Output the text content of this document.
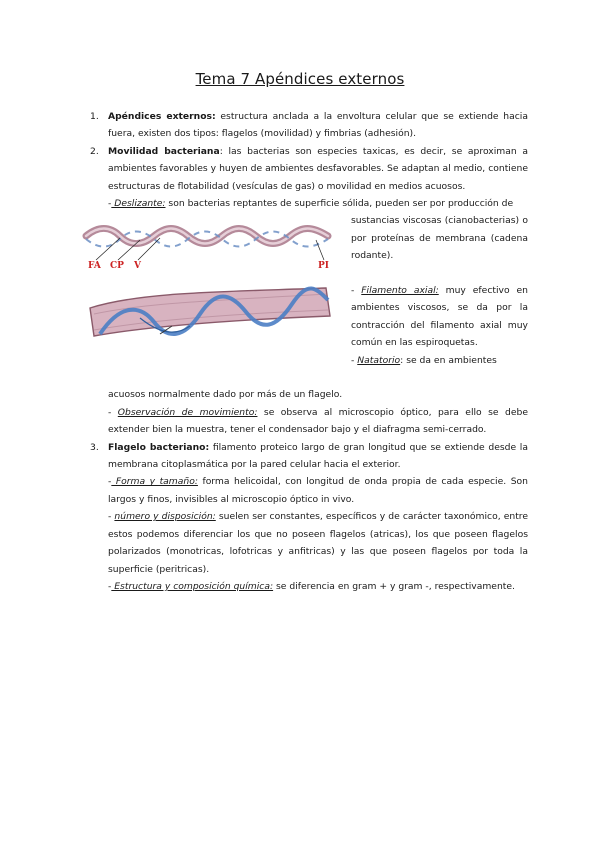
Tema 7 Apéndices externos
1. Apéndices externos: estructura anclada a la envoltura celular que se extiende hacia fuera, existen dos tipos: flagelos (movilidad) y fimbrias (adhesión).

2. Movilidad bacteriana: las bacterias son especies taxicas, es decir, se aproximan a ambientes favorables y huyen de ambientes desfavorables. Se adaptan al medio, contiene estructuras de flotabilidad (vesículas de gas) o movilidad en medios acuosos.

- Deslizante: son bacterias reptantes de superficie sólida, pueden ser por producción de

FA CP V	PI

sustancias viscosas (cianobacterias) o por proteínas de membrana (cadena rodante).

- Filamento axial: muy efectivo en ambientes viscosos, se da por la contracción del filamento axial muy común en las espiroquetas.

- Natatorio: se da en ambientes

acuosos normalmente dado por más de un flagelo.

- Observación de movimiento: se observa al microscopio óptico, para ello se debe extender bien la muestra, tener el condensador bajo y el diafragma semi-cerrado.

3. Flagelo bacteriano: filamento proteico largo de gran longitud que se extiende desde la membrana citoplasmática por la pared celular hacia el exterior.

- Forma y tamaño: forma helicoidal, con longitud de onda propia de cada especie. Son largos y finos, invisibles al microscopio óptico in vivo.

- número y disposición: suelen ser constantes, específicos y de carácter taxonómico, entre estos podemos diferenciar los que no poseen flagelos (atricas), los que poseen flagelos polarizados (monotricas, lofotricas y anfitricas) y las que poseen flagelos por toda la superficie (peritricas).

- Estructura y composición química: se diferencia en gram + y gram -, respectivamente.
